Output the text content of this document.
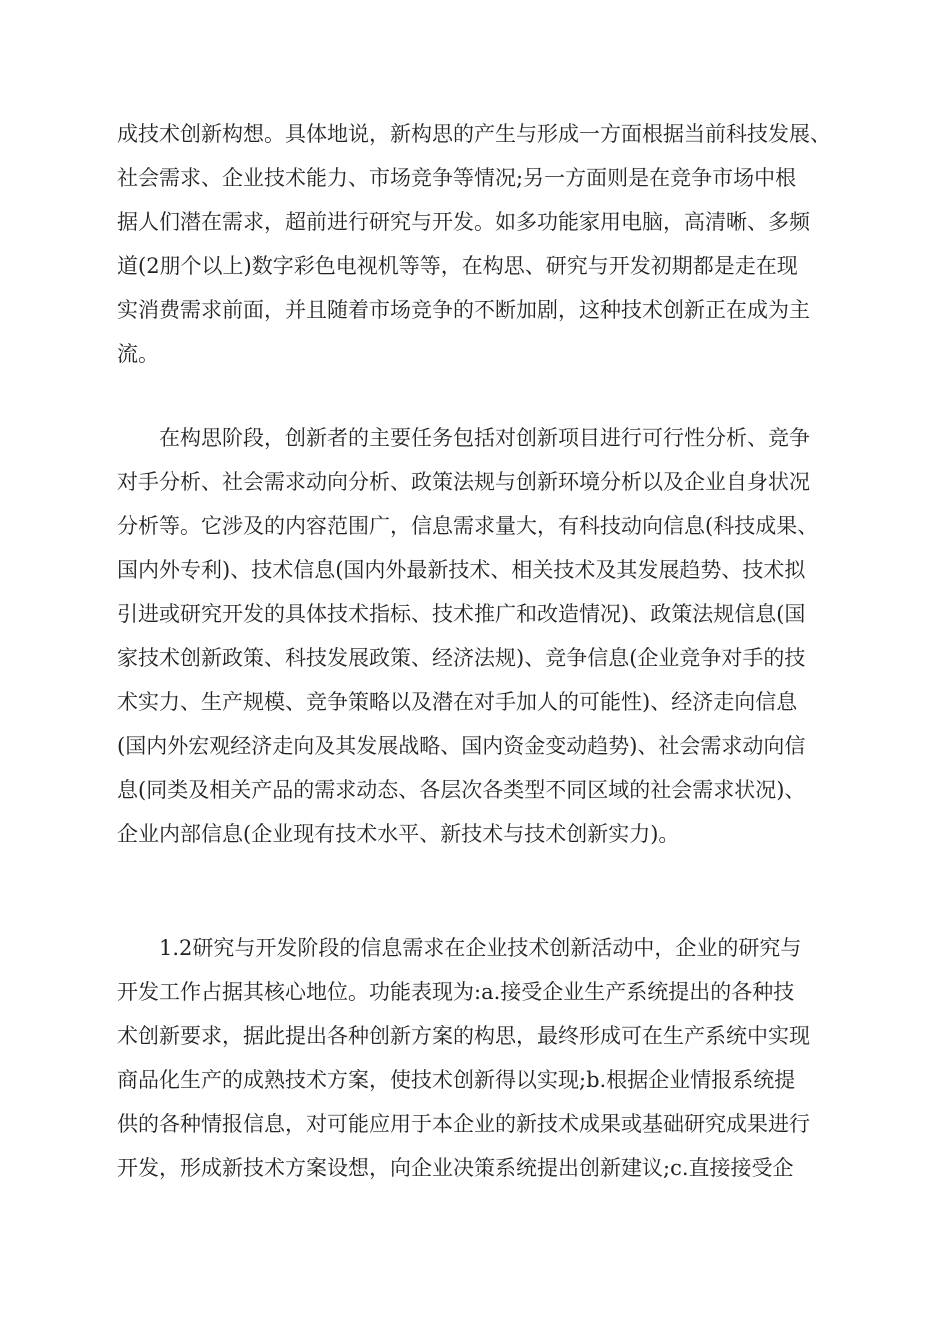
成技术创新构想。具体地说，新构思的产生与形成一方面根据当前科技发展、
社会需求、企业技术能力、市场竞争等情况;另一方面则是在竞争市场中根
据人们潜在需求，超前进行研究与开发。如多功能家用电脑，高清晰、多频
道(2朋个以上)数字彩色电视机等等，在构思、研究与开发初期都是走在现
实消费需求前面，并且随着市场竞争的不断加剧，这种技术创新正在成为主
流。
在构思阶段，创新者的主要任务包括对创新项目进行可行性分析、竞争
对手分析、社会需求动向分析、政策法规与创新环境分析以及企业自身状况
分析等。它涉及的内容范围广，信息需求量大，有科技动向信息(科技成果、
国内外专利)、技术信息(国内外最新技术、相关技术及其发展趋势、技术拟
引进或研究开发的具体技术指标、技术推广和改造情况)、政策法规信息(国
家技术创新政策、科技发展政策、经济法规)、竞争信息(企业竞争对手的技
术实力、生产规模、竞争策略以及潜在对手加人的可能性)、经济走向信息
(国内外宏观经济走向及其发展战略、国内资金变动趋势)、社会需求动向信
息(同类及相关产品的需求动态、各层次各类型不同区域的社会需求状况)、
企业内部信息(企业现有技术水平、新技术与技术创新实力)。
1.2研究与开发阶段的信息需求在企业技术创新活动中，企业的研究与
开发工作占据其核心地位。功能表现为:a.接受企业生产系统提出的各种技
术创新要求，据此提出各种创新方案的构思，最终形成可在生产系统中实现
商品化生产的成熟技术方案，使技术创新得以实现;b.根据企业情报系统提
供的各种情报信息，对可能应用于本企业的新技术成果或基础研究成果进行
开发，形成新技术方案设想，向企业决策系统提出创新建议;c.直接接受企
